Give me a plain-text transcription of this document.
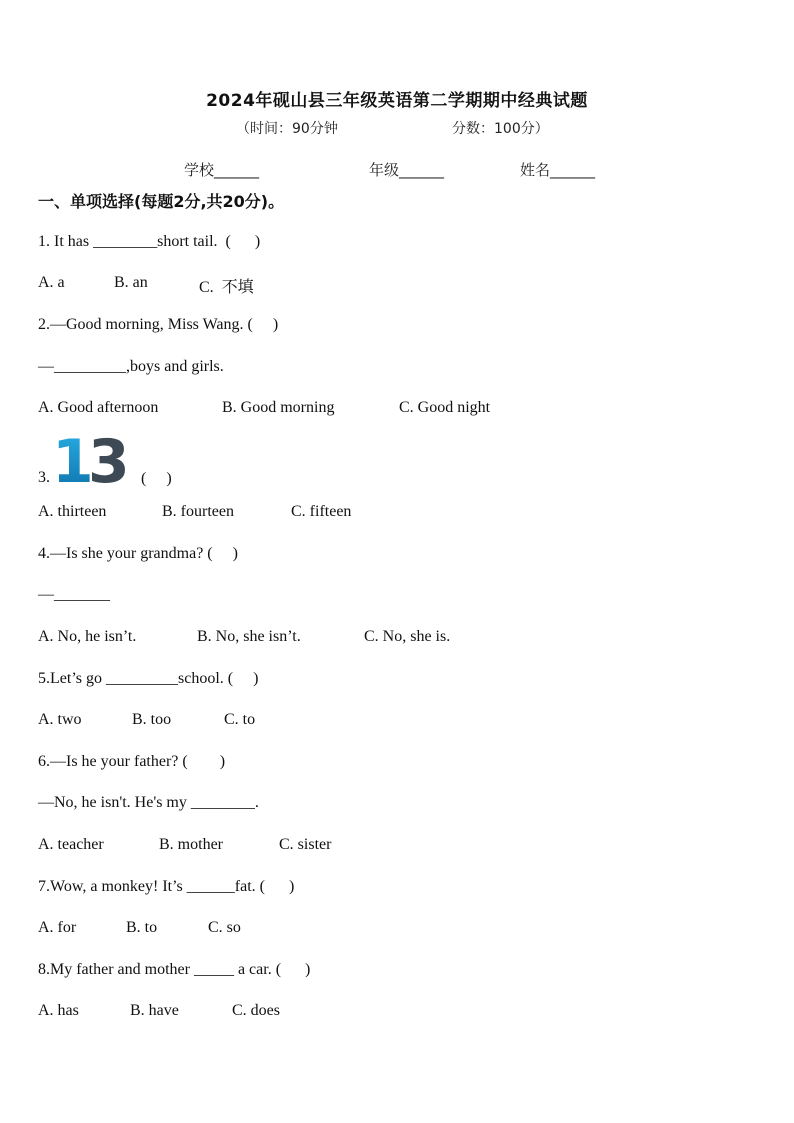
2024年砚山县三年级英语第二学期期中经典试题
（时间：90分钟	分数：100分）
学校______	年级______	姓名______
一、单项选择(每题2分,共20分)。
1. It has ________short tail.  (      )
A. a	B. an	C.  不填
2.—Good morning, Miss Wang. (     )
—_________,boys and girls.
A. Good afternoon	B. Good morning	C. Good night
3. 1
3 (     )
A. thirteen	B. fourteen	C. fifteen
4.—Is she your grandma? (     )
—_______
A. No, he isn’t.	B. No, she isn’t.	C. No, she is.
5.Let’s go _________school. (     )
A. two	B. too	C. to
6.—Is he your father? (        )
—No, he isn't. He's my ________.
A. teacher	B. mother	C. sister
7.Wow, a monkey! It’s ______fat. (      )
A. for	B. to	C. so
8.My father and mother _____ a car. (      )
A. has	B. have	C. does
